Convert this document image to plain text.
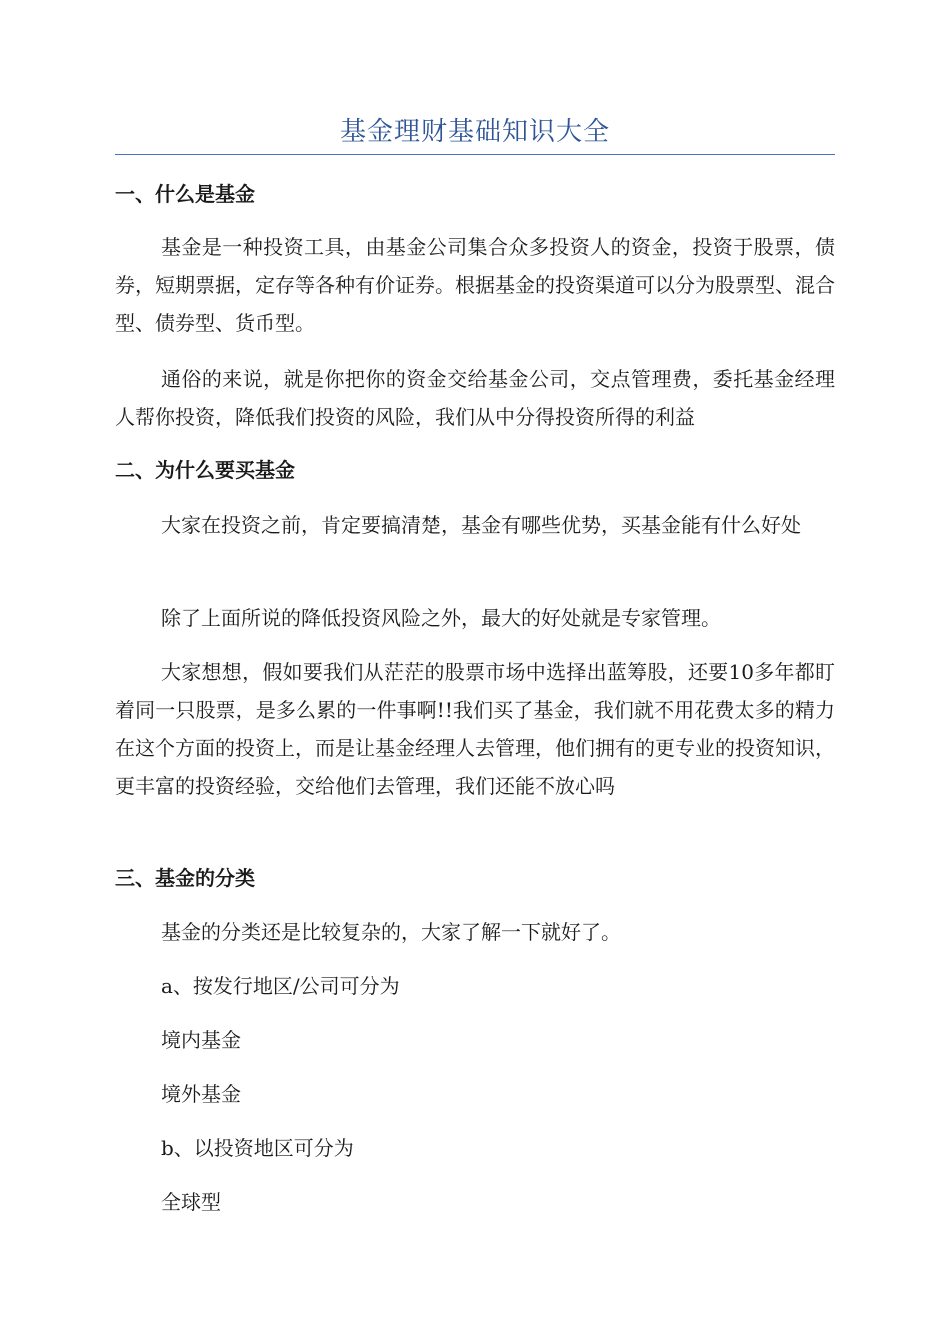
基金理财基础知识大全
一、什么是基金
基金是一种投资工具，由基金公司集合众多投资人的资金，投资于股票，债券，短期票据，定存等各种有价证券。根据基金的投资渠道可以分为股票型、混合型、债券型、货币型。
通俗的来说，就是你把你的资金交给基金公司，交点管理费，委托基金经理人帮你投资，降低我们投资的风险，我们从中分得投资所得的利益
二、为什么要买基金
大家在投资之前，肯定要搞清楚，基金有哪些优势，买基金能有什么好处
除了上面所说的降低投资风险之外，最大的好处就是专家管理。
大家想想，假如要我们从茫茫的股票市场中选择出蓝筹股，还要10多年都盯着同一只股票，是多么累的一件事啊!!我们买了基金，我们就不用花费太多的精力在这个方面的投资上，而是让基金经理人去管理，他们拥有的更专业的投资知识，更丰富的投资经验，交给他们去管理，我们还能不放心吗
三、基金的分类
基金的分类还是比较复杂的，大家了解一下就好了。
a、按发行地区/公司可分为
境内基金
境外基金
b、以投资地区可分为
全球型
